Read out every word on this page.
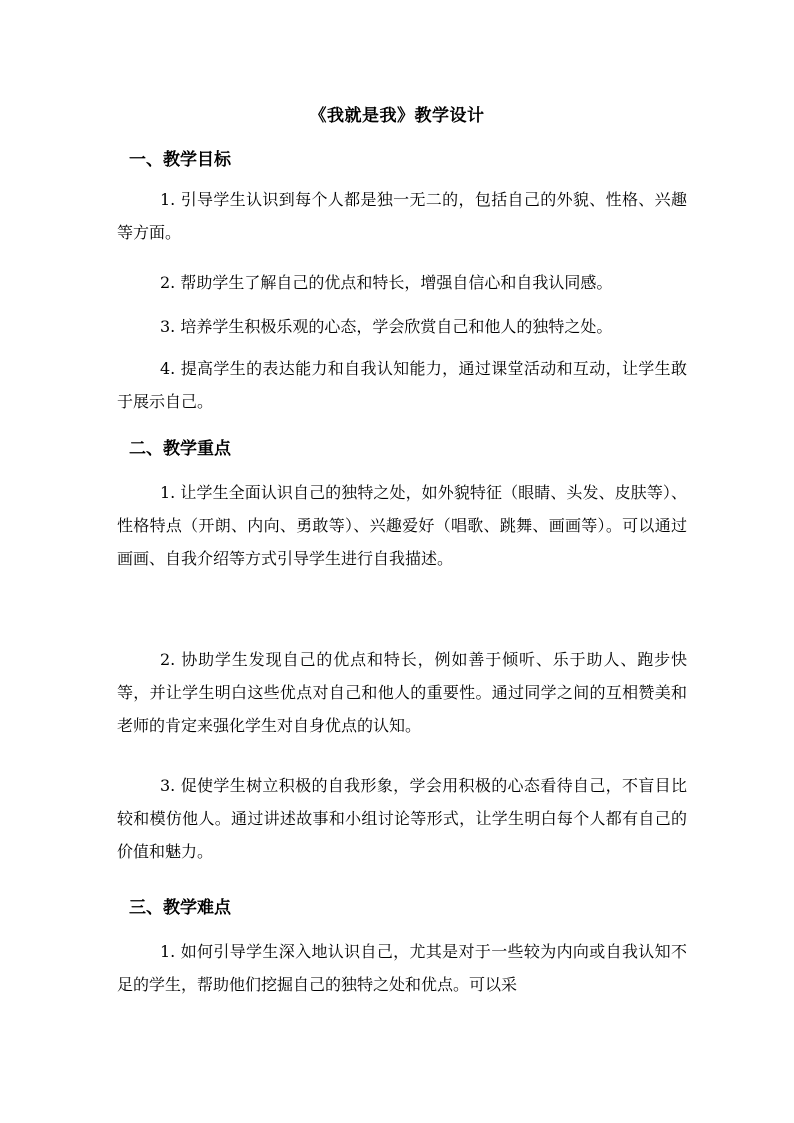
《我就是我》教学设计
一、教学目标

1. 引导学生认识到每个人都是独一无二的，包括自己的外貌、性格、兴趣等方面。

2. 帮助学生了解自己的优点和特长，增强自信心和自我认同感。

3. 培养学生积极乐观的心态，学会欣赏自己和他人的独特之处。

4. 提高学生的表达能力和自我认知能力，通过课堂活动和互动，让学生敢于展示自己。

二、教学重点

1. 让学生全面认识自己的独特之处，如外貌特征（眼睛、头发、皮肤等）、性格特点（开朗、内向、勇敢等）、兴趣爱好（唱歌、跳舞、画画等）。可以通过画画、自我介绍等方式引导学生进行自我描述。

2. 协助学生发现自己的优点和特长，例如善于倾听、乐于助人、跑步快等，并让学生明白这些优点对自己和他人的重要性。通过同学之间的互相赞美和老师的肯定来强化学生对自身优点的认知。

3. 促使学生树立积极的自我形象，学会用积极的心态看待自己，不盲目比较和模仿他人。通过讲述故事和小组讨论等形式，让学生明白每个人都有自己的价值和魅力。

三、教学难点

1. 如何引导学生深入地认识自己，尤其是对于一些较为内向或自我认知不足的学生，帮助他们挖掘自己的独特之处和优点。可以采
